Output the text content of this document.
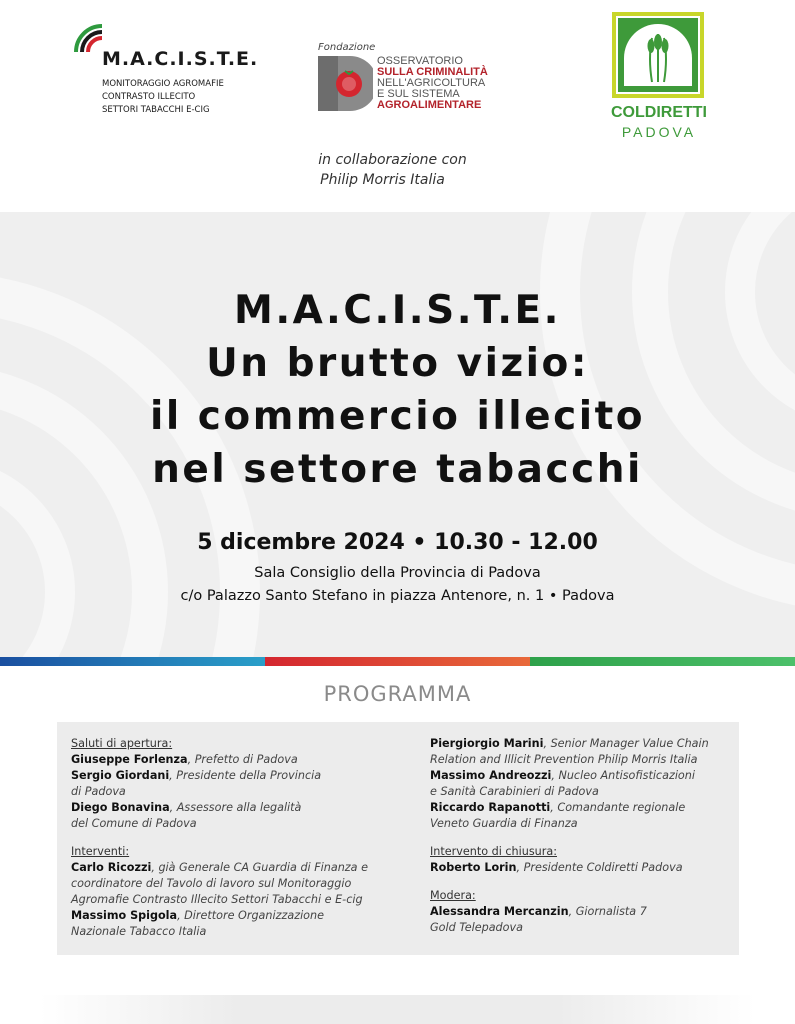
M.A.C.I.S.T.E.
MONITORAGGIO AGROMAFIE
CONTRASTO ILLECITO
SETTORI TABACCHI E-CIG
Fondazione
OSSERVATORIO
SULLA CRIMINALITÀ
NELL'AGRICOLTURA
E SUL SISTEMA
AGROALIMENTARE	COLDIRETTI
PADOVA
in collaborazione con
Philip Morris Italia
M.A.C.I.S.T.E.
Un brutto vizio:
il commercio illecito
nel settore tabacchi
5 dicembre 2024 • 10.30 - 12.00
Sala Consiglio della Provincia di Padova
c/o Palazzo Santo Stefano in piazza Antenore, n. 1 • Padova
PROGRAMMA
Saluti di apertura:
Giuseppe Forlenza, Prefetto di Padova
Sergio Giordani, Presidente della Provincia
di Padova
Diego Bonavina, Assessore alla legalità
del Comune di Padova
Interventi:
Carlo Ricozzi, già Generale CA Guardia di Finanza e
coordinatore del Tavolo di lavoro sul Monitoraggio
Agromafie Contrasto Illecito Settori Tabacchi e E-cig
Massimo Spigola, Direttore Organizzazione
Nazionale Tabacco Italia
Piergiorgio Marini, Senior Manager Value Chain
Relation and Illicit Prevention Philip Morris Italia
Massimo Andreozzi, Nucleo Antisofisticazioni
e Sanità Carabinieri di Padova
Riccardo Rapanotti, Comandante regionale
Veneto Guardia di Finanza
Intervento di chiusura:
Roberto Lorin, Presidente Coldiretti Padova
Modera:
Alessandra Mercanzin, Giornalista 7
Gold Telepadova
